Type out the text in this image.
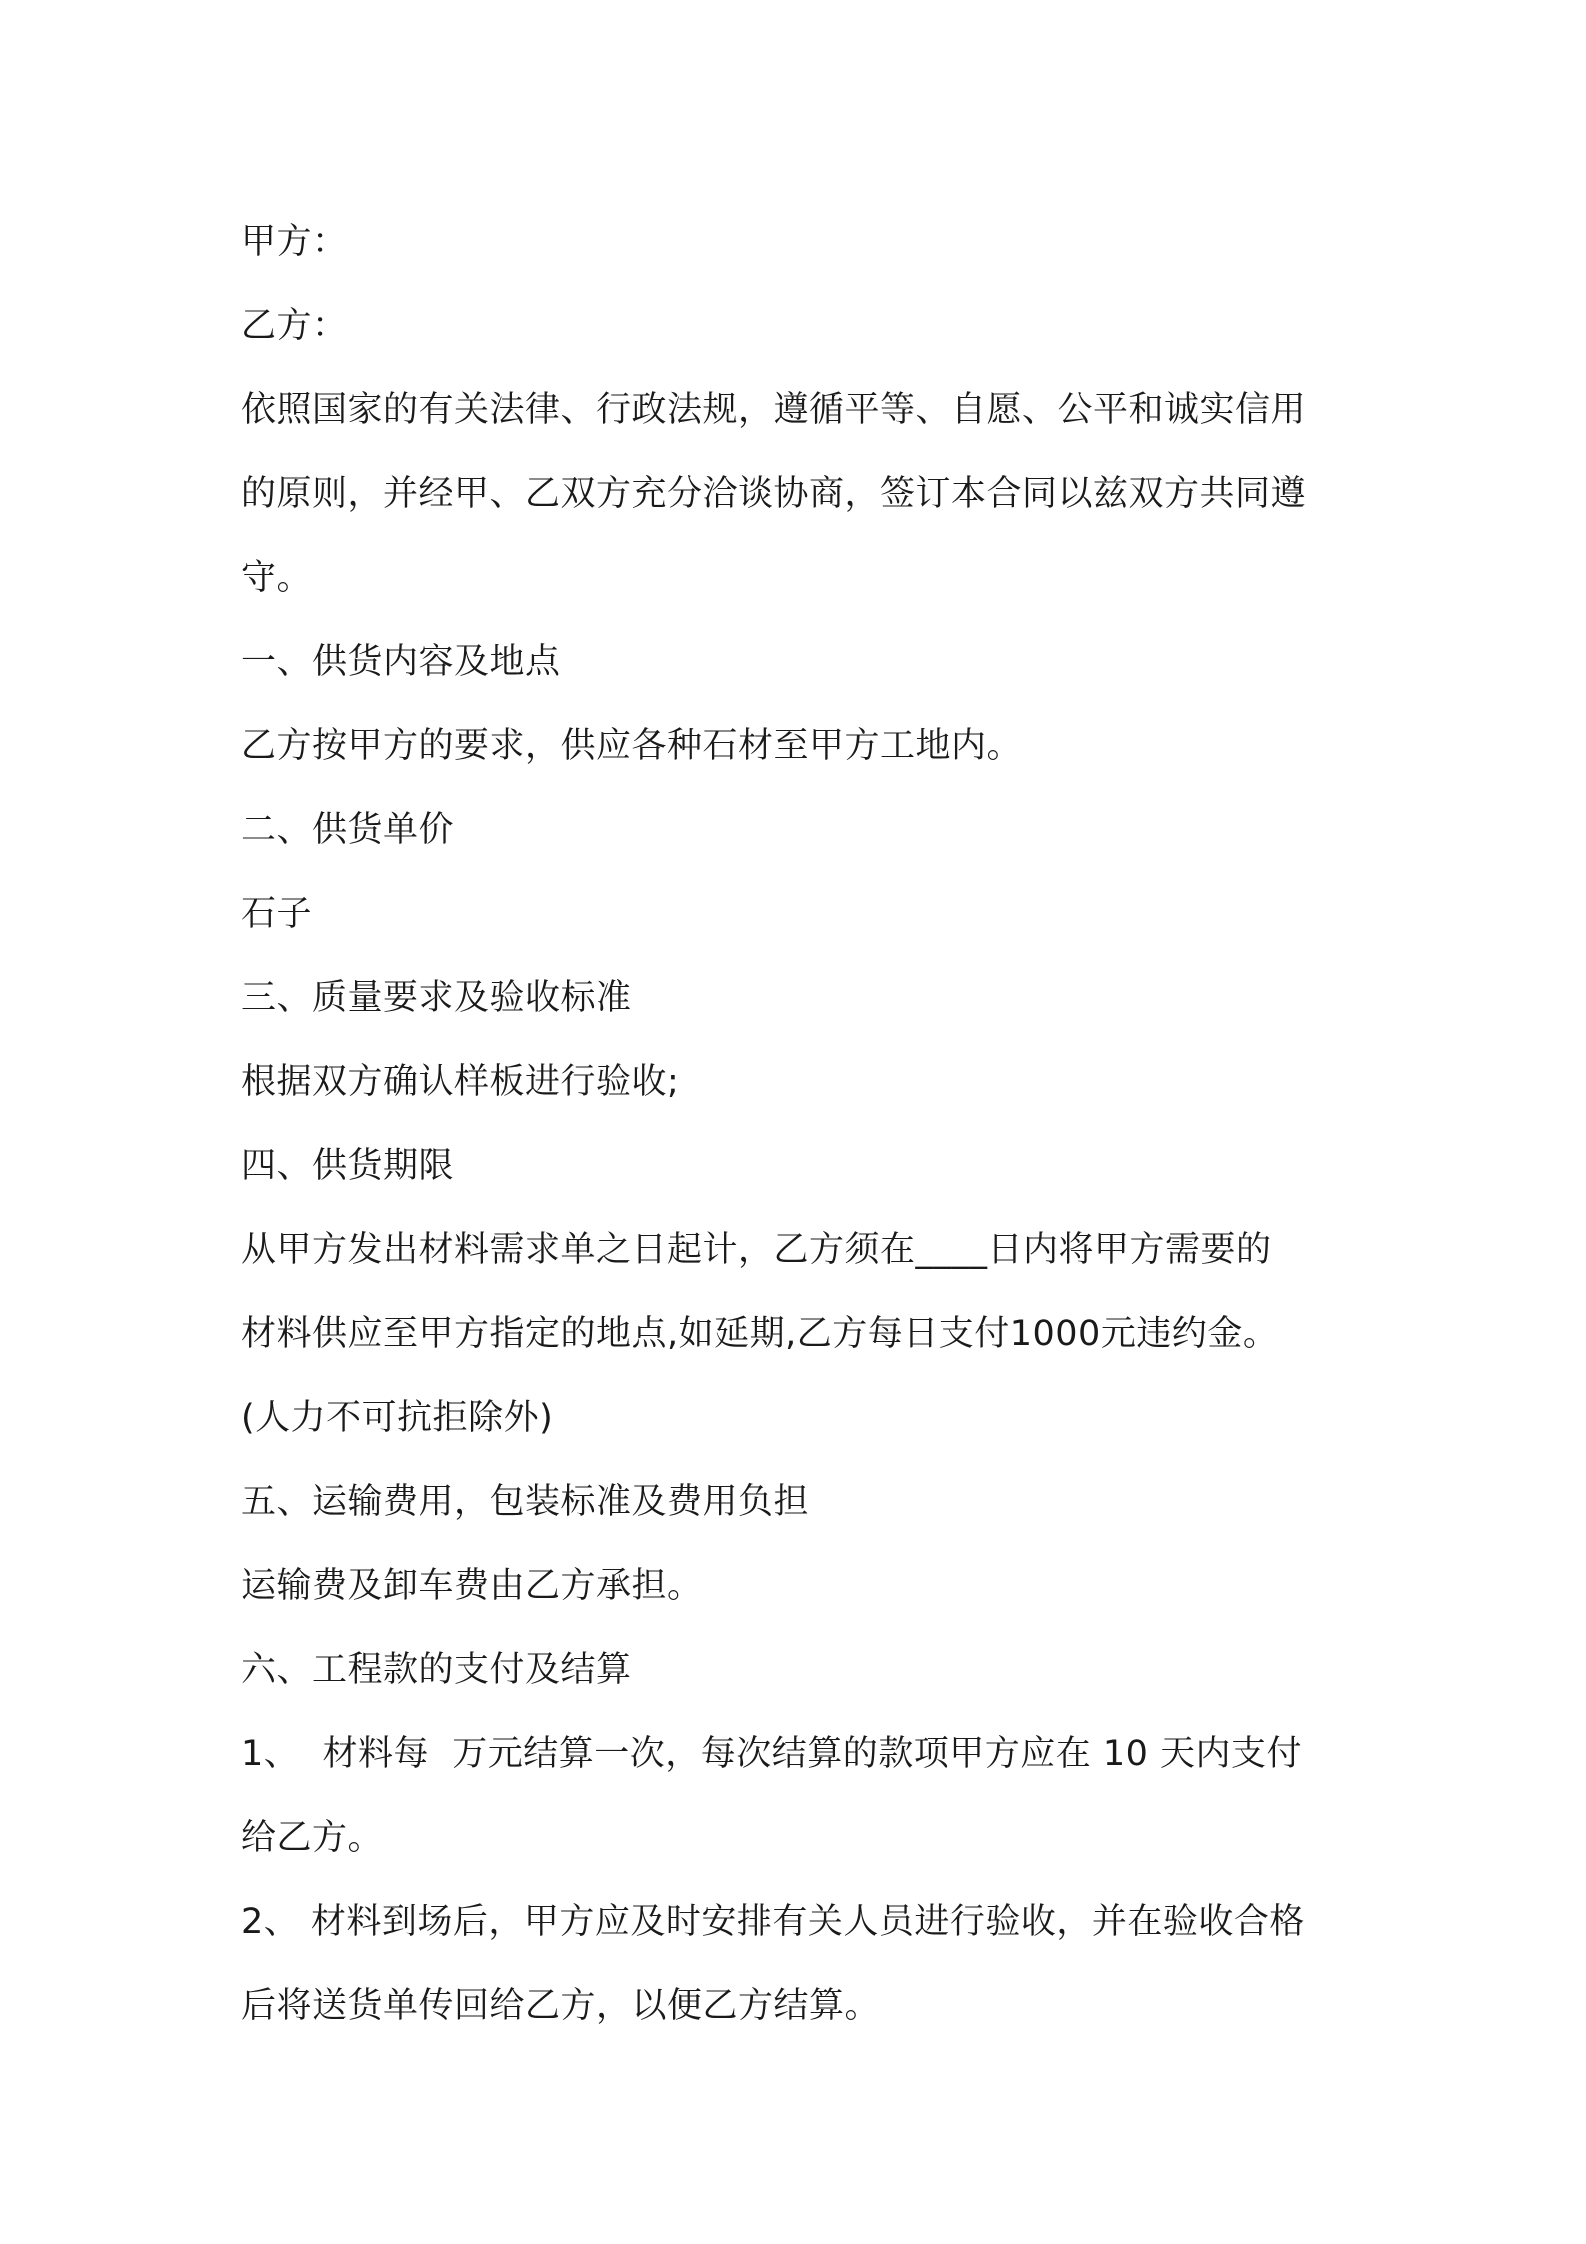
甲方：
乙方：
依照国家的有关法律、行政法规，遵循平等、自愿、公平和诚实信用
的原则，并经甲、乙双方充分洽谈协商，签订本合同以兹双方共同遵
守。
一、供货内容及地点
乙方按甲方的要求，供应各种石材至甲方工地内。
二、供货单价
石子
三、质量要求及验收标准
根据双方确认样板进行验收;
四、供货期限
从甲方发出材料需求单之日起计，乙方须在____日内将甲方需要的
材料供应至甲方指定的地点,如延期,乙方每日支付1000元违约金。
(人力不可抗拒除外)
五、运输费用，包装标准及费用负担
运输费及卸车费由乙方承担。
六、工程款的支付及结算
1、  材料每  万元结算一次，每次结算的款项甲方应在 10 天内支付
给乙方。
2、 材料到场后，甲方应及时安排有关人员进行验收，并在验收合格
后将送货单传回给乙方，以便乙方结算。
